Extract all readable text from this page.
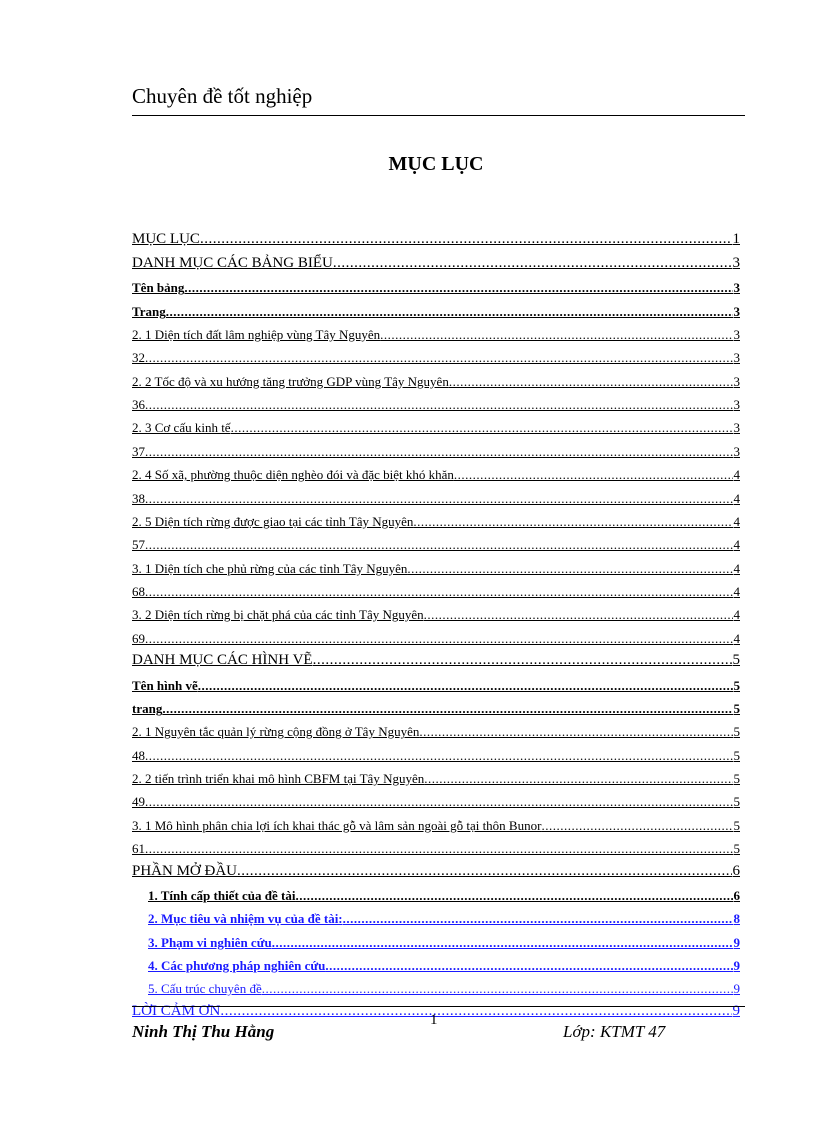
Chuyên đề tốt nghiệp
MỤC LỤC
MỤC LỤC .....	1
DANH MỤC CÁC BẢNG BIỂU .....	3
Tên bảng .....	3
Trang .....	3
2. 1 Diện tích đất lâm nghiệp vùng Tây Nguyên .....	3
32 .....	3
2. 2 Tốc độ và xu hướng tăng trưởng GDP vùng Tây Nguyên .....	3
36 .....	3
2. 3 Cơ cấu kinh tế .....	3
37 .....	3
2. 4 Số xã, phường thuộc diện nghèo đói và đặc biệt khó khăn .....	4
38 .....	4
2. 5 Diện tích rừng được giao tại các tỉnh Tây Nguyên .....	4
57 .....	4
3. 1 Diện tích che phủ rừng của các tỉnh Tây Nguyên .....	4
68 .....	4
3. 2 Diện tích rừng bị chặt phá của các tỉnh Tây Nguyên .....	4
69 .....	4
DANH MỤC CÁC HÌNH VẼ .....	5
Tên hình vẽ .....	5
trang .....	5
2. 1 Nguyên tắc quản lý rừng cộng đồng ở Tây Nguyên .....	5
48 .....	5
2. 2 tiến trình triển khai mô hình CBFM tại Tây Nguyên .....	5
49 .....	5
3. 1 Mô hình phân chia lợi ích khai thác gỗ và lâm sản ngoài gỗ tại thôn Bunor .....	5
61 .....	5
PHẦN MỞ ĐẦU .....	6
1. Tính cấp thiết của đề tài .....	6
2. Mục tiêu và nhiệm vụ của đề tài: .....	8
3. Phạm vi nghiên cứu .....	9
4. Các phương pháp nghiên cứu .....	9
5. Cấu trúc chuyên đề .....	9
LỜI CẢM ƠN .....	9
1
Ninh Thị Thu Hằng	Lớp: KTMT 47
